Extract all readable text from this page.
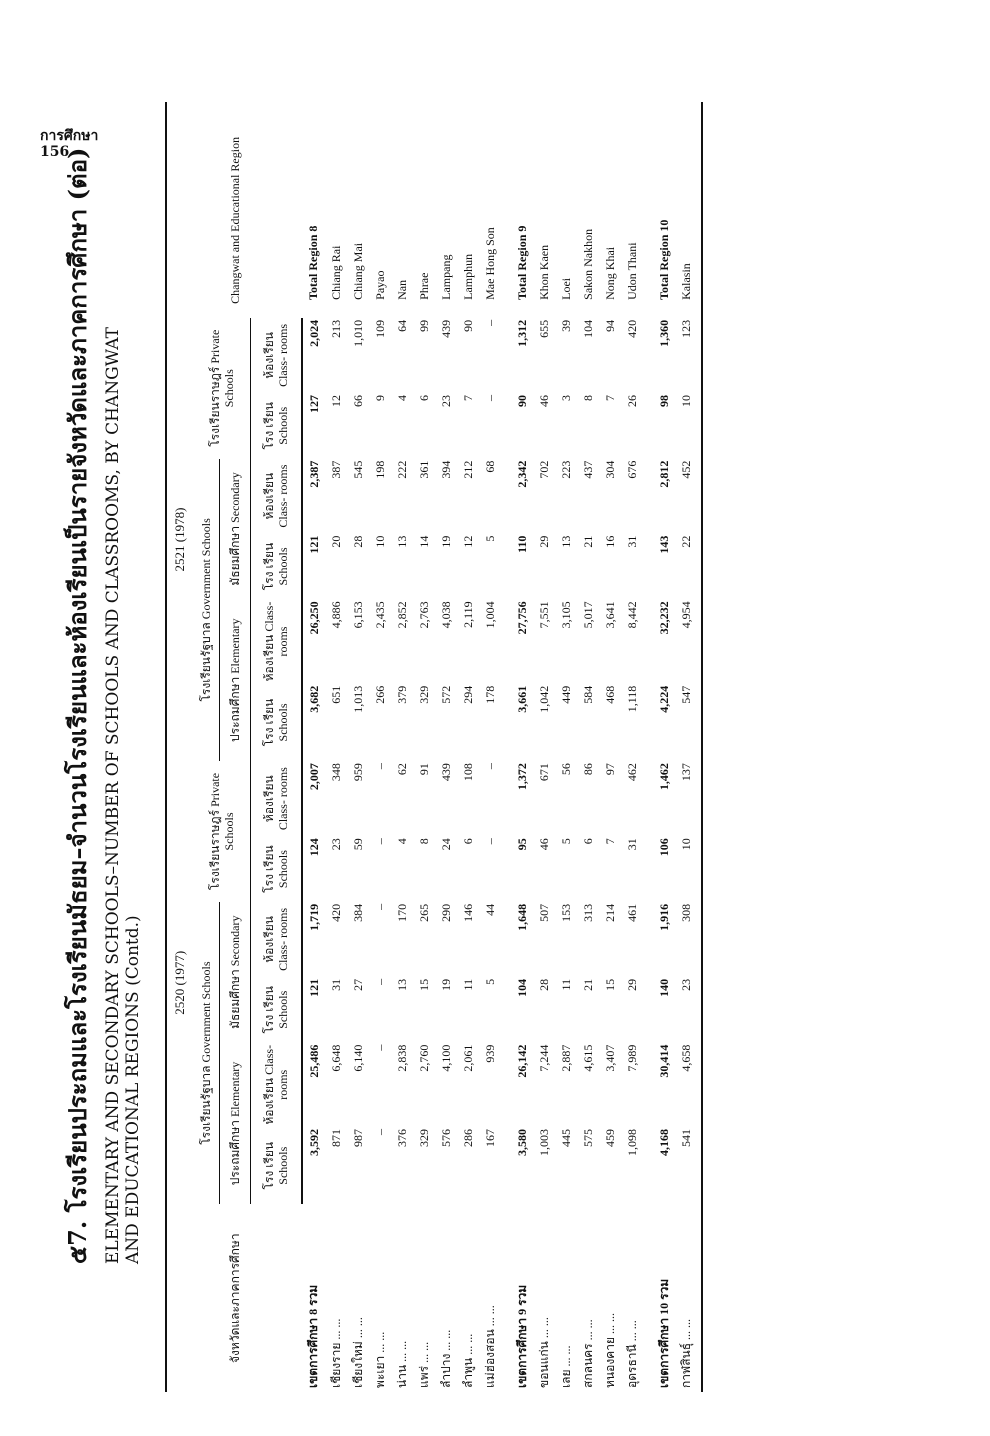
การศึกษา
156
๕7. โรงเรียนประถมและโรงเรียนมัธยม–จำนวนโรงเรียนและห้องเรียนเป็นรายจังหวัดและภาคการศึกษา (ต่อ) ELEMENTARY AND SECONDARY SCHOOLS–NUMBER OF SCHOOLS AND CLASSROOMS, BY CHANGWAT AND EDUCATIONAL REGIONS (Contd.)
จังหวัดและภาคการศึกษา	2520 (1977)						2521 (1978)						Changwat and Educational Region
	โรงเรียนรัฐบาล Government Schools				โรงเรียนราษฎร์ Private Schools		โรงเรียนรัฐบาล Government Schools				โรงเรียนราษฎร์ Private Schools		
	ประถมศึกษา Elementary		มัธยมศึกษา Secondary				ประถมศึกษา Elementary		มัธยมศึกษา Secondary				
	โรง เรียน Schools	ห้องเรียน Class- rooms	โรง เรียน Schools	ห้องเรียน Class- rooms	โรง เรียน Schools	ห้องเรียน Class- rooms	โรง เรียน Schools	ห้องเรียน Class- rooms	โรง เรียน Schools	ห้องเรียน Class- rooms	โรง เรียน Schools	ห้องเรียน Class- rooms	
เขตการศึกษา 8 รวม	3,592	25,486	121	1,719	124	2,007	3,682	26,250	121	2,387	127	2,024	Total Region 8
เชียงราย ... ...	871	6,648	31	420	23	348	651	4,886	20	387	12	213	Chiang Rai
เชียงใหม่ ... ...	987	6,140	27	384	59	959	1,013	6,153	28	545	66	1,010	Chiang Mai
พะเยา ... ...	–	–	–	–	–	–	266	2,435	10	198	9	109	Payao
น่าน ... ...	376	2,838	13	170	4	62	379	2,852	13	222	4	64	Nan
แพร่ ... ...	329	2,760	15	265	8	91	329	2,763	14	361	6	99	Phrae
ลำปาง ... ...	576	4,100	19	290	24	439	572	4,038	19	394	23	439	Lampang
ลำพูน ... ...	286	2,061	11	146	6	108	294	2,119	12	212	7	90	Lamphun
แม่ฮ่องสอน ... ...	167	939	5	44	–	–	178	1,004	5	68	–	–	Mae Hong Son

เขตการศึกษา 9 รวม	3,580	26,142	104	1,648	95	1,372	3,661	27,756	110	2,342	90	1,312	Total Region 9
ขอนแก่น ... ...	1,003	7,244	28	507	46	671	1,042	7,551	29	702	46	655	Khon Kaen
เลย ... ...	445	2,887	11	153	5	56	449	3,105	13	223	3	39	Loei
สกลนคร ... ...	575	4,615	21	313	6	86	584	5,017	21	437	8	104	Sakon Nakhon
หนองคาย ... ...	459	3,407	15	214	7	97	468	3,641	16	304	7	94	Nong Khai
อุดรธานี ... ...	1,098	7,989	29	461	31	462	1,118	8,442	31	676	26	420	Udon Thani

เขตการศึกษา 10 รวม	4,168	30,414	140	1,916	106	1,462	4,224	32,232	143	2,812	98	1,360	Total Region 10
กาฬสินธุ์ ... ...	541	4,658	23	308	10	137	547	4,954	22	452	10	123	Kalasin
